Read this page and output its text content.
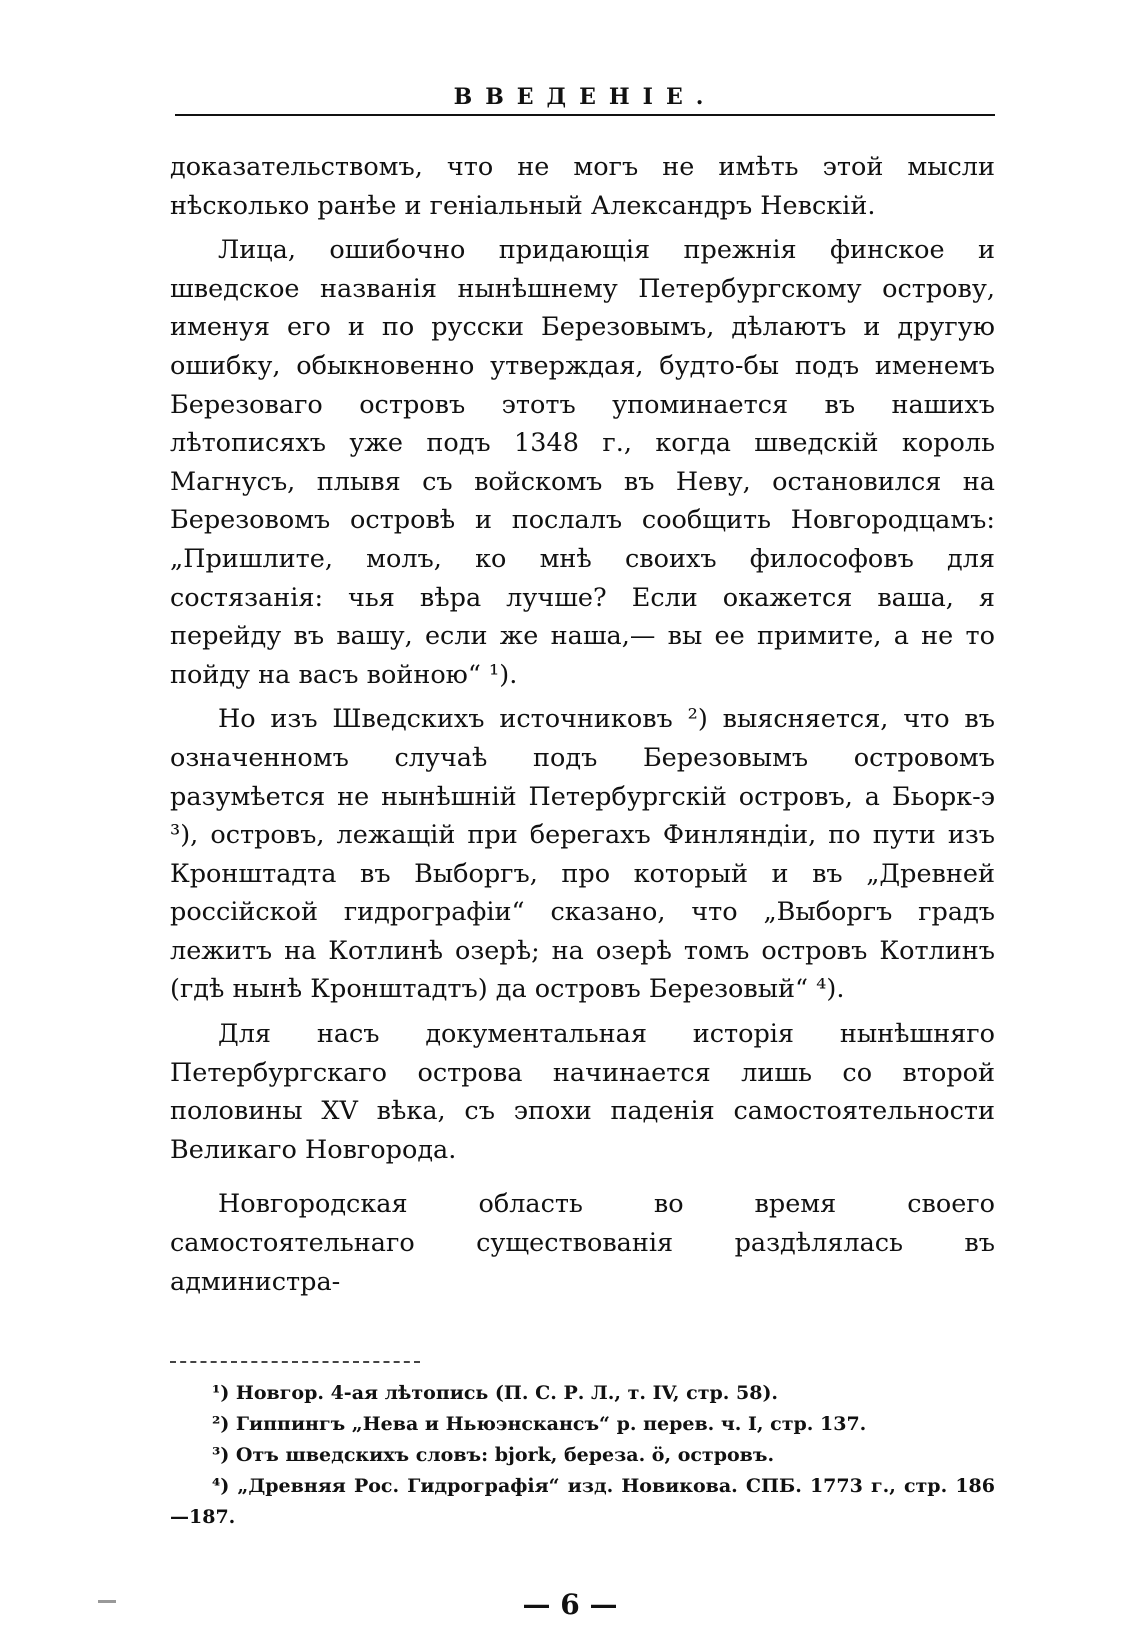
ВВЕДЕНIЕ.

доказательствомъ, что не могъ не имѣть этой мысли нѣсколько ранѣе и геніальный Александръ Невскій.

Лица, ошибочно придающія прежнія финское и шведское названія нынѣшнему Петербургскому острову, именуя его и по русски Березовымъ, дѣлаютъ и другую ошибку, обыкновенно утверждая, будто-бы подъ именемъ Березоваго островъ этотъ упоминается въ нашихъ лѣтописяхъ уже подъ 1348 г., когда шведскій король Магнусъ, плывя съ войскомъ въ Неву, остановился на Березовомъ островѣ и послалъ сообщить Новгородцамъ: „Пришлите, молъ, ко мнѣ своихъ философовъ для состязанія: чья вѣра лучше? Если окажется ваша, я перейду въ вашу, если же наша,— вы ее примите, а не то пойду на васъ войною“ ¹).

Но изъ Шведскихъ источниковъ ²) выясняется, что въ означенномъ случаѣ подъ Березовымъ островомъ разумѣется не нынѣшній Петербургскій островъ, а Бьорк-э ³), островъ, лежащій при берегахъ Финляндіи, по пути изъ Кронштадта въ Выборгъ, про который и въ „Древней россійской гидрографіи“ сказано, что „Выборгъ градъ лежитъ на Котлинѣ озерѣ; на озерѣ томъ островъ Котлинъ (гдѣ нынѣ Кронштадтъ) да островъ Березовый“ ⁴).

Для насъ документальная исторія нынѣшняго Петербургскаго острова начинается лишь со второй половины XV вѣка, съ эпохи паденія самостоятельности Великаго Новгорода.

Новгородская область во время своего самостоятельнаго существованія раздѣлялась въ администра-

¹) Новгор. 4-ая лѣтопись (П. С. Р. Л., т. IV, стр. 58).

²) Гиппингъ „Нева и Ньюэнскансъ“ р. перев. ч. I, стр. 137.

³) Отъ шведскихъ словъ: bjork, береза. ö, островъ.

⁴) „Древняя Рос. Гидрографія“ изд. Новикова. СПБ. 1773 г., стр. 186—187.

— 6 —
